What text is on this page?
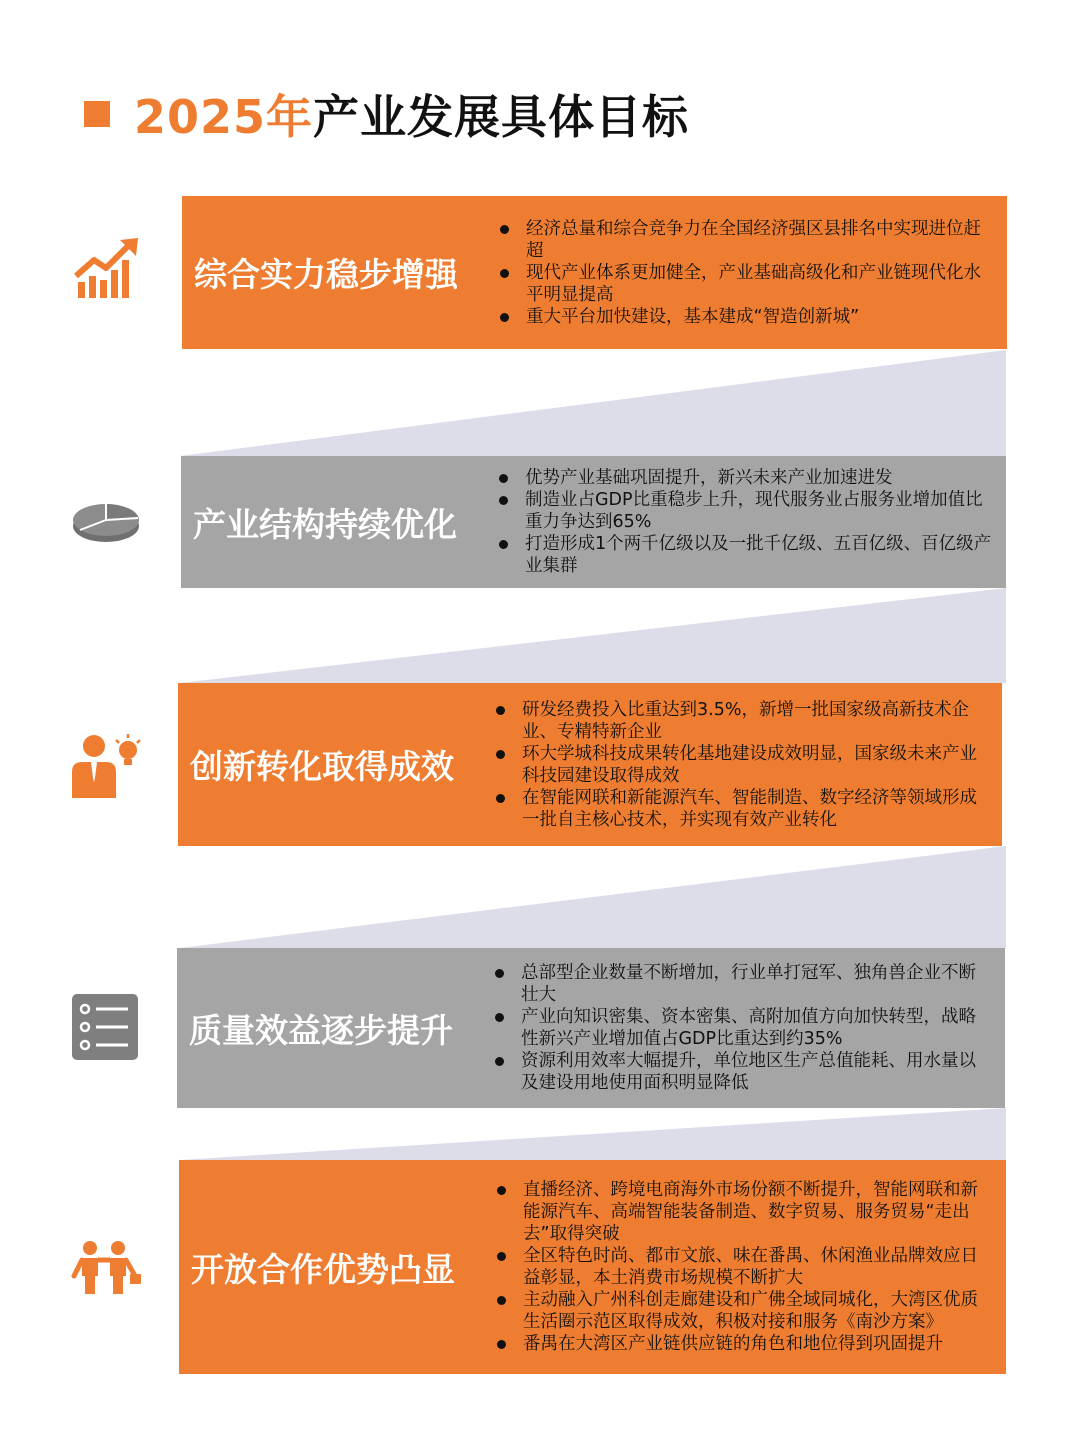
2025年 产业发展具体目标
综合实力稳步增强
经济总量和综合竞争力在全国经济强区县排名中实现进位赶超
现代产业体系更加健全，产业基础高级化和产业链现代化水平明显提高
重大平台加快建设，基本建成“智造创新城”
产业结构持续优化
优势产业基础巩固提升，新兴未来产业加速进发
制造业占GDP比重稳步上升，现代服务业占服务业增加值比重力争达到65%
打造形成1个两千亿级以及一批千亿级、五百亿级、百亿级产业集群
创新转化取得成效
研发经费投入比重达到3.5%，新增一批国家级高新技术企业、专精特新企业
环大学城科技成果转化基地建设成效明显，国家级未来产业科技园建设取得成效
在智能网联和新能源汽车、智能制造、数字经济等领域形成一批自主核心技术，并实现有效产业转化
质量效益逐步提升
总部型企业数量不断增加，行业单打冠军、独角兽企业不断壮大
产业向知识密集、资本密集、高附加值方向加快转型，战略性新兴产业增加值占GDP比重达到约35%
资源利用效率大幅提升，单位地区生产总值能耗、用水量以及建设用地使用面积明显降低
开放合作优势凸显
直播经济、跨境电商海外市场份额不断提升，智能网联和新能源汽车、高端智能装备制造、数字贸易、服务贸易“走出去”取得突破
全区特色时尚、都市文旅、味在番禺、休闲渔业品牌效应日益彰显，本土消费市场规模不断扩大
主动融入广州科创走廊建设和广佛全域同城化，大湾区优质生活圈示范区取得成效，积极对接和服务《南沙方案》
番禺在大湾区产业链供应链的角色和地位得到巩固提升
